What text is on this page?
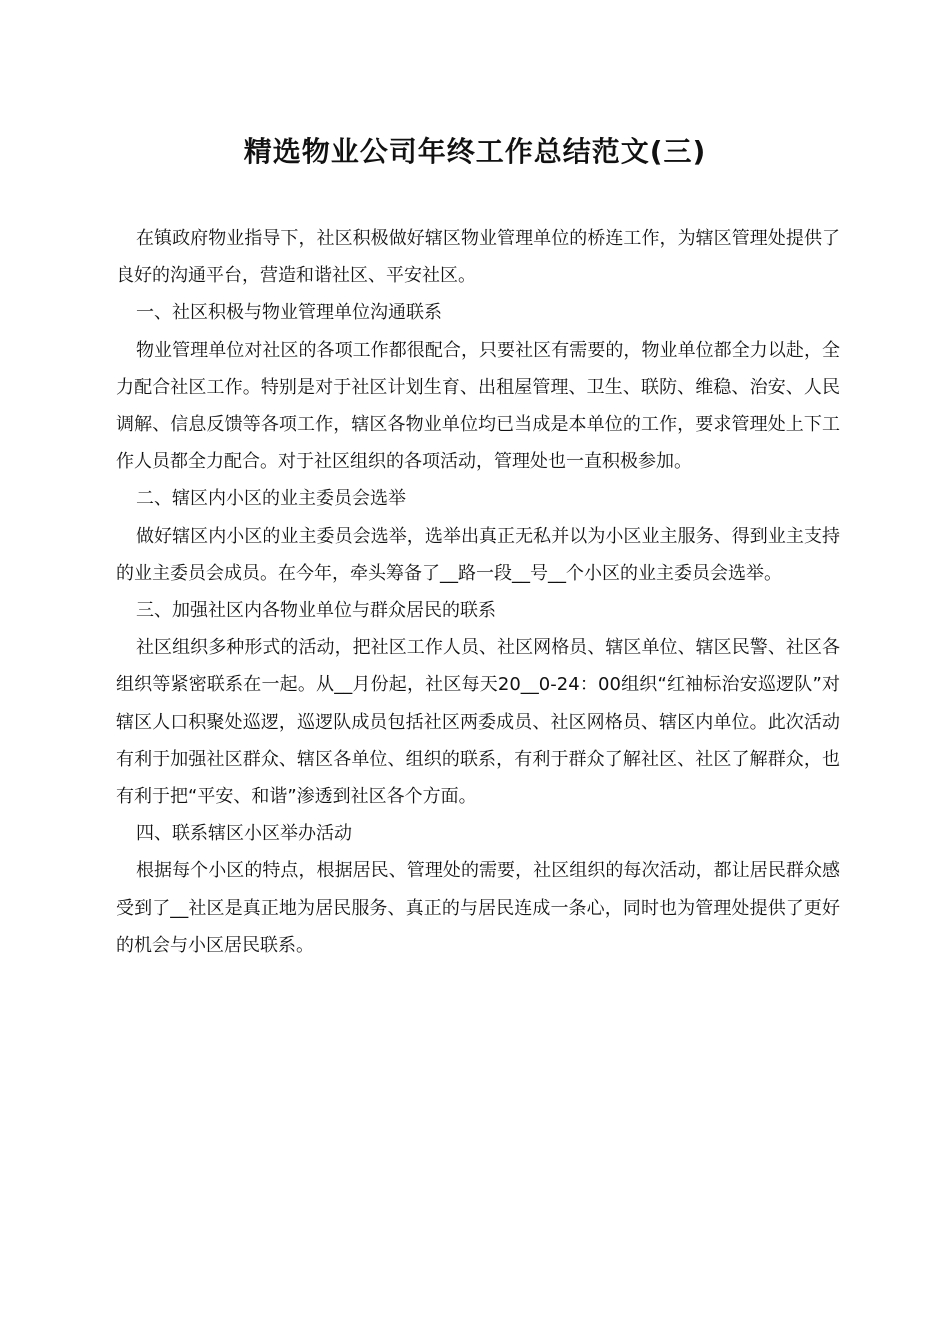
精选物业公司年终工作总结范文(三)

在镇政府物业指导下，社区积极做好辖区物业管理单位的桥连工作，为辖区管理处提供了良好的沟通平台，营造和谐社区、平安社区。

一、社区积极与物业管理单位沟通联系

物业管理单位对社区的各项工作都很配合，只要社区有需要的，物业单位都全力以赴，全力配合社区工作。特别是对于社区计划生育、出租屋管理、卫生、联防、维稳、治安、人民调解、信息反馈等各项工作，辖区各物业单位均已当成是本单位的工作，要求管理处上下工作人员都全力配合。对于社区组织的各项活动，管理处也一直积极参加。

二、辖区内小区的业主委员会选举

做好辖区内小区的业主委员会选举，选举出真正无私并以为小区业主服务、得到业主支持的业主委员会成员。在今年，牵头筹备了__路一段__号__个小区的业主委员会选举。

三、加强社区内各物业单位与群众居民的联系

社区组织多种形式的活动，把社区工作人员、社区网格员、辖区单位、辖区民警、社区各组织等紧密联系在一起。从__月份起，社区每天20__0-24：00组织“红袖标治安巡逻队”对辖区人口积聚处巡逻，巡逻队成员包括社区两委成员、社区网格员、辖区内单位。此次活动有利于加强社区群众、辖区各单位、组织的联系，有利于群众了解社区、社区了解群众，也有利于把“平安、和谐”渗透到社区各个方面。

四、联系辖区小区举办活动

根据每个小区的特点，根据居民、管理处的需要，社区组织的每次活动，都让居民群众感受到了__社区是真正地为居民服务、真正的与居民连成一条心，同时也为管理处提供了更好的机会与小区居民联系。
